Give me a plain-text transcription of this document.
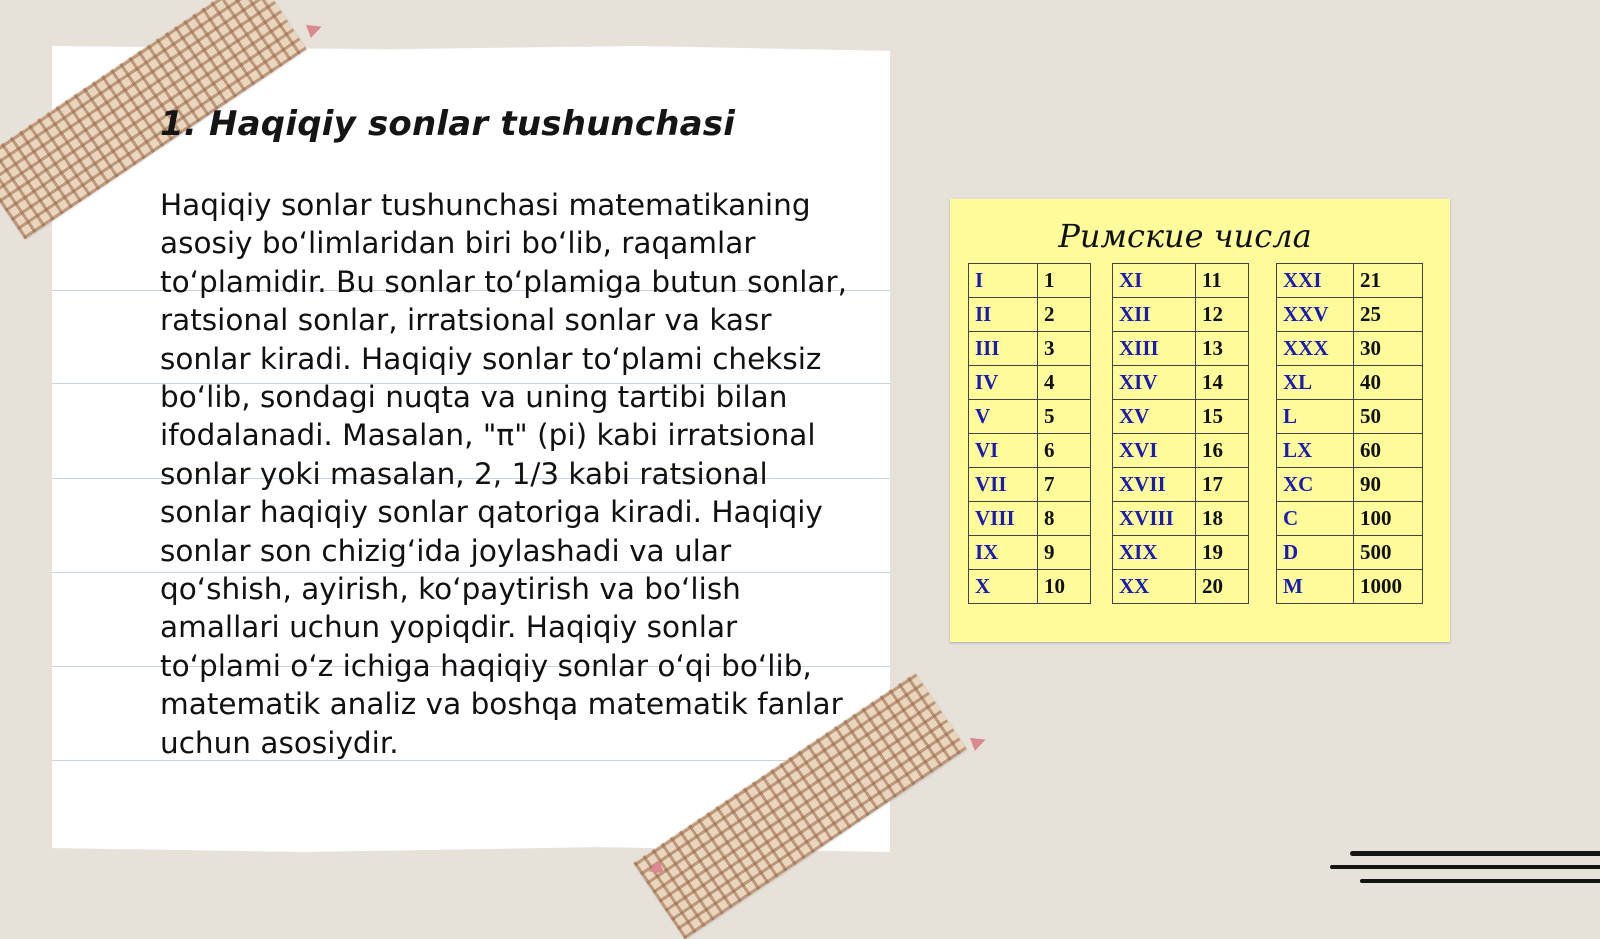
1. Haqiqiy sonlar tushunchasi

Haqiqiy sonlar tushunchasi matematikaning asosiy boʻlimlaridan biri boʻlib, raqamlar toʻplamidir. Bu sonlar toʻplamiga butun sonlar, ratsional sonlar, irratsional sonlar va kasr sonlar kiradi. Haqiqiy sonlar toʻplami cheksiz boʻlib, sondagi nuqta va uning tartibi bilan ifodalanadi. Masalan, "π" (pi) kabi irratsional sonlar yoki masalan, 2, 1/3 kabi ratsional sonlar haqiqiy sonlar qatoriga kiradi. Haqiqiy sonlar son chizigʻida joylashadi va ular qoʻshish, ayirish, koʻpaytirish va boʻlish amallari uchun yopiqdir. Haqiqiy sonlar toʻplami oʻz ichiga haqiqiy sonlar oʻqi boʻlib, matematik analiz va boshqa matematik fanlar uchun asosiydir.

Римские числа
I	1
II	2
III	3
IV	4
V	5
VI	6
VII	7
VIII	8
IX	9
X	10
XI	11
XII	12
XIII	13
XIV	14
XV	15
XVI	16
XVII	17
XVIII	18
XIX	19
XX	20
XXI	21
XXV	25
XXX	30
XL	40
L	50
LX	60
XC	90
C	100
D	500
M	1000
